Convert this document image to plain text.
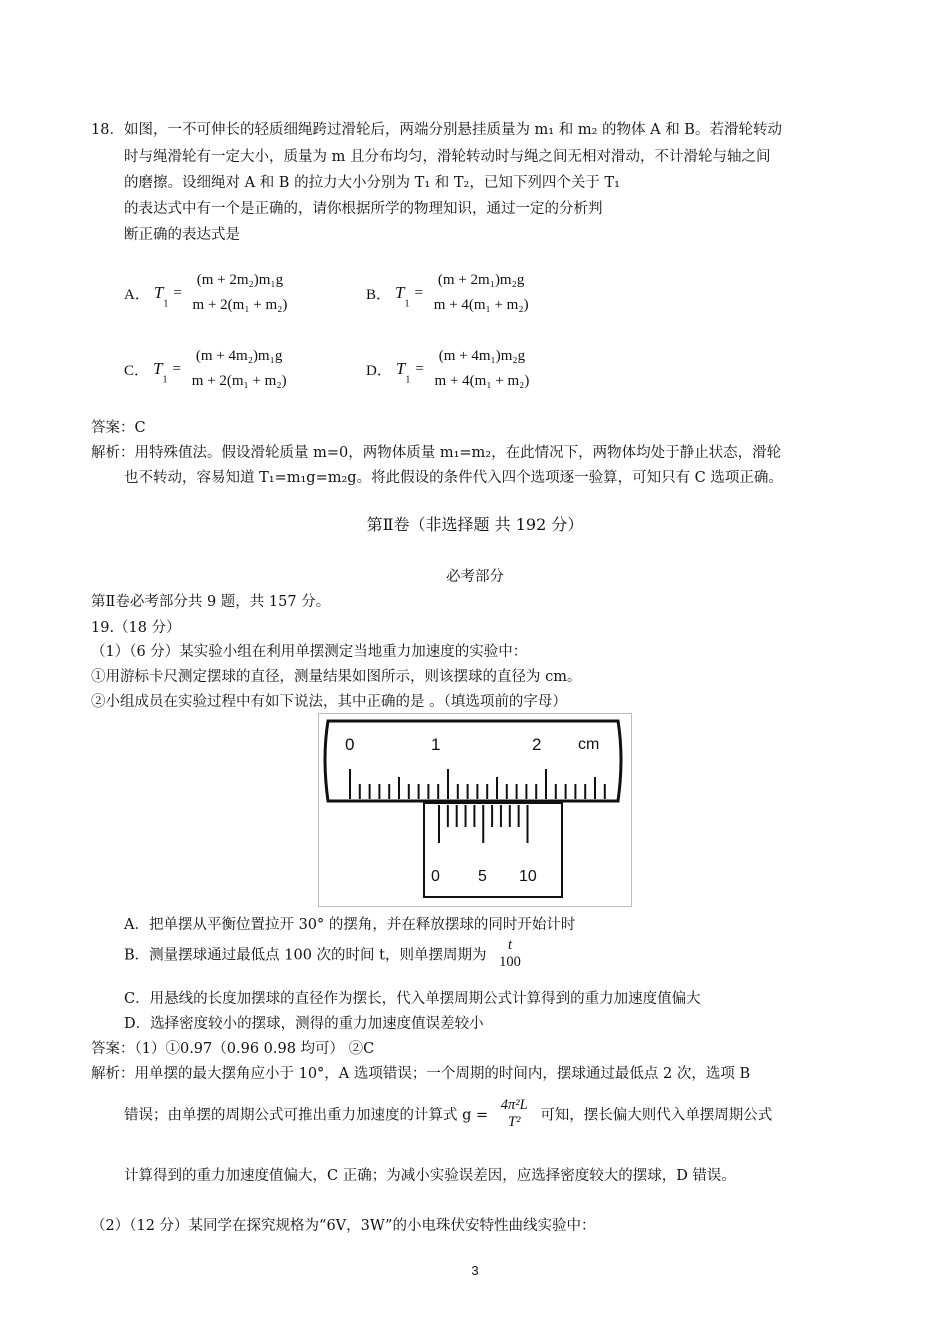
18．如图，一不可伸长的轻质细绳跨过滑轮后，两端分别悬挂质量为 m₁ 和 m₂ 的物体 A 和 B。若滑轮转动
时与绳滑轮有一定大小，质量为 m 且分布均匀，滑轮转动时与绳之间无相对滑动，不计滑轮与轴之间
的磨擦。设细绳对 A 和 B 的拉力大小分别为 T₁ 和 T₂，已知下列四个关于 T₁
的表达式中有一个是正确的，请你根据所学的物理知识，通过一定的分析判
断正确的表达式是
A． $T_1=$
(m + 2m₂)m₁g
m + 2(m₁ + m₂)
B． $T_1=$
(m + 2m₁)m₂g
m + 4(m₁ + m₂)
C． $T_1=$
(m + 4m₂)m₁g
m + 2(m₁ + m₂)
D． $T_1=$
(m + 4m₁)m₂g
m + 4(m₁ + m₂)
答案：C
解析：用特殊值法。假设滑轮质量 m=0，两物体质量 m₁=m₂，在此情况下，两物体均处于静止状态，滑轮
也不转动，容易知道 T₁=m₁g=m₂g。将此假设的条件代入四个选项逐一验算，可知只有 C 选项正确。
第Ⅱ卷（非选择题 共 192 分）
必考部分
第Ⅱ卷必考部分共 9 题，共 157 分。
19.（18 分）
（1）（6 分）某实验小组在利用单摆测定当地重力加速度的实验中：
①用游标卡尺测定摆球的直径，测量结果如图所示，则该摆球的直径为 cm。
②小组成员在实验过程中有如下说法，其中正确的是 。（填选项前的字母）
0	1	2 cm
0 5 10
A．把单摆从平衡位置拉开 30° 的摆角，并在释放摆球的同时开始计时
B．测量摆球通过最低点 100 次的时间 t，则单摆周期为
t
100
C．用悬线的长度加摆球的直径作为摆长，代入单摆周期公式计算得到的重力加速度值偏大
D．选择密度较小的摆球，测得的重力加速度值误差较小
答案：（1）①0.97（0.96 0.98 均可） ②C
解析：用单摆的最大摆角应小于 10°，A 选项错误；一个周期的时间内，摆球通过最低点 2 次，选项 B
错误；由单摆的周期公式可推出重力加速度的计算式 g =
4π²L
T²	可知，摆长偏大则代入单摆周期公式
计算得到的重力加速度值偏大，C 正确；为减小实验误差因，应选择密度较大的摆球，D 错误。
（2）（12 分）某同学在探究规格为“6V，3W”的小电珠伏安特性曲线实验中：
3
